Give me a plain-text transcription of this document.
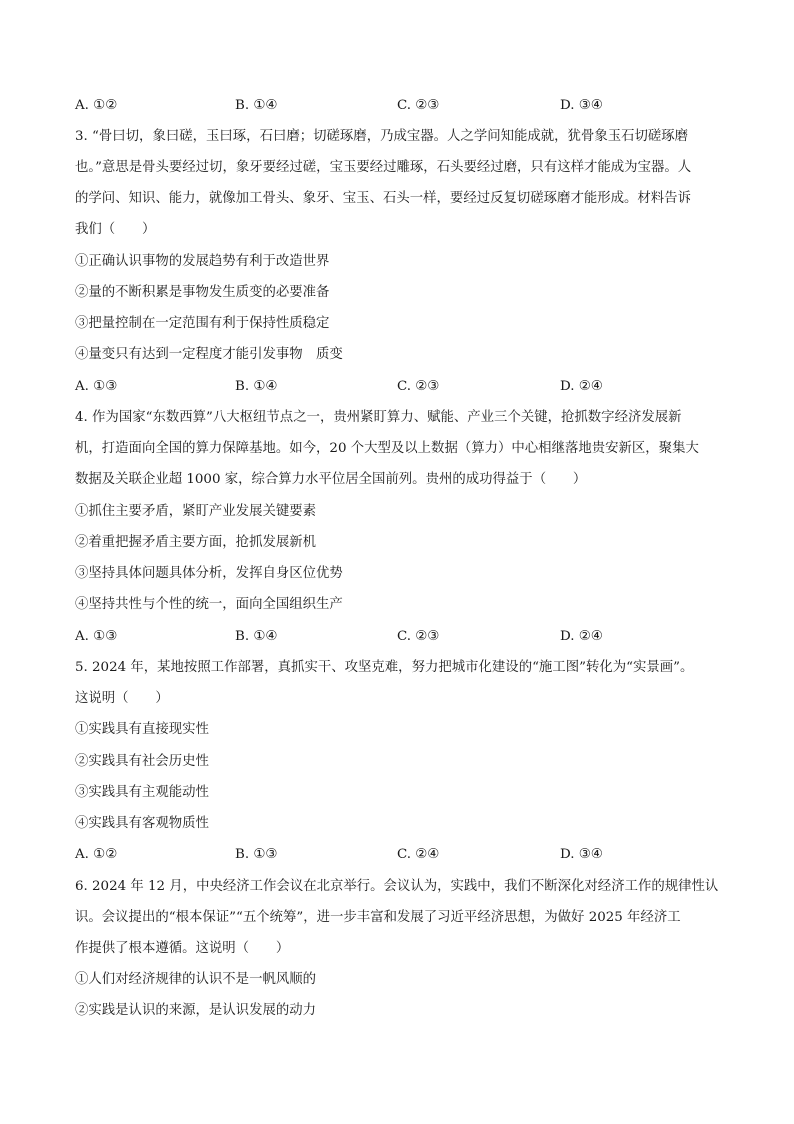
A. ①②	B. ①④	C. ②③	D. ③④
3. “骨曰切，象曰磋，玉曰琢，石曰磨；切磋琢磨，乃成宝器。人之学问知能成就，犹骨象玉石切磋琢磨
也。”意思是骨头要经过切，象牙要经过磋，宝玉要经过雕琢，石头要经过磨，只有这样才能成为宝器。人
的学问、知识、能力，就像加工骨头、象牙、宝玉、石头一样，要经过反复切磋琢磨才能形成。材料告诉
我们（　　）
①正确认识事物的发展趋势有利于改造世界
②量的不断积累是事物发生质变的必要准备
③把量控制在一定范围有利于保持性质稳定
④量变只有达到一定程度才能引发事物　质变
A. ①③	B. ①④	C. ②③	D. ②④
4. 作为国家“东数西算”八大枢纽节点之一，贵州紧盯算力、赋能、产业三个关键，抢抓数字经济发展新
机，打造面向全国的算力保障基地。如今，20 个大型及以上数据（算力）中心相继落地贵安新区，聚集大
数据及关联企业超 1000 家，综合算力水平位居全国前列。贵州的成功得益于（　　）
①抓住主要矛盾，紧盯产业发展关键要素
②着重把握矛盾主要方面，抢抓发展新机
③坚持具体问题具体分析，发挥自身区位优势
④坚持共性与个性的统一，面向全国组织生产
A. ①③	B. ①④	C. ②③	D. ②④
5. 2024 年，某地按照工作部署，真抓实干、攻坚克难，努力把城市化建设的“施工图”转化为“实景画”。
这说明（　　）
①实践具有直接现实性
②实践具有社会历史性
③实践具有主观能动性
④实践具有客观物质性
A. ①②	B. ①③	C. ②④	D. ③④
6. 2024 年 12 月，中央经济工作会议在北京举行。会议认为，实践中，我们不断深化对经济工作的规律性认
识。会议提出的“根本保证”“五个统筹”，进一步丰富和发展了习近平经济思想，为做好 2025 年经济工
作提供了根本遵循。这说明（　　）
①人们对经济规律的认识不是一帆风顺的
②实践是认识的来源，是认识发展的动力
